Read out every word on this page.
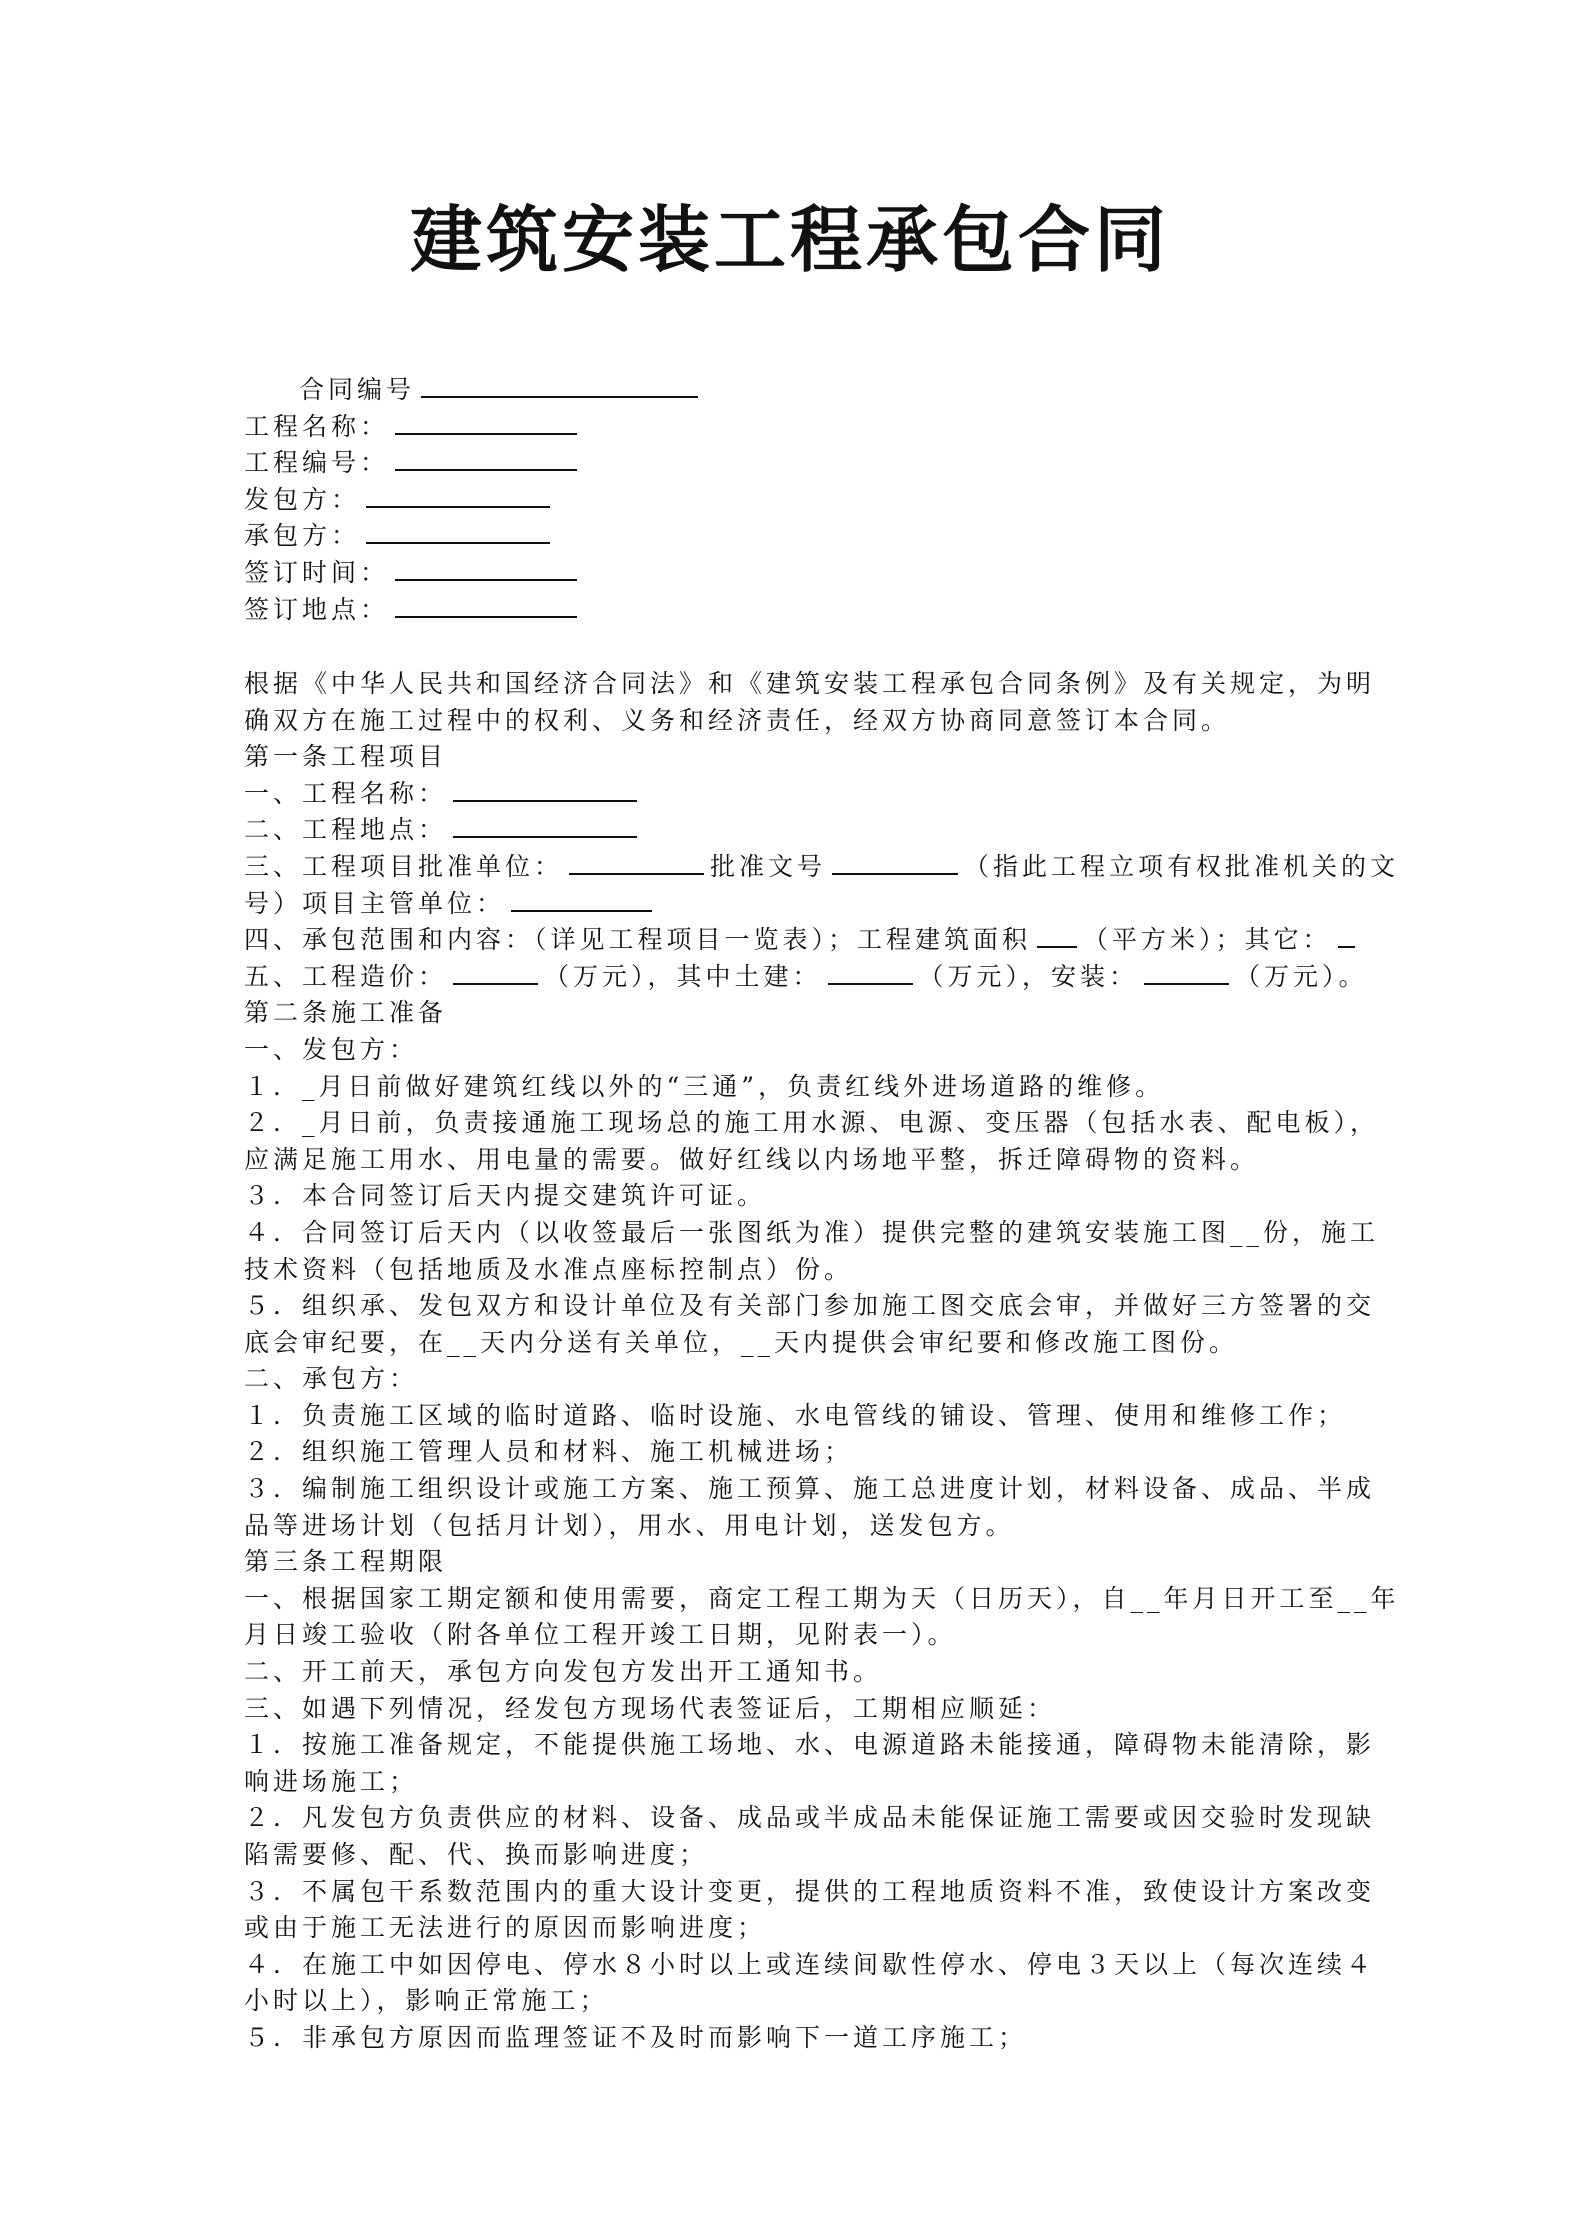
建筑安装工程承包合同
合同编号
工程名称：
工程编号：
发包方：
承包方：
签订时间：
签订地点：
根据《中华人民共和国经济合同法》和《建筑安装工程承包合同条例》及有关规定，为明
确双方在施工过程中的权利、义务和经济责任，经双方协商同意签订本合同。
第一条工程项目
一、工程名称：
二、工程地点：
三、工程项目批准单位：	批准文号	（指此工程立项有权批准机关的文
号）项目主管单位：
四、承包范围和内容：（详见工程项目一览表）；工程建筑面积 （平方米）；其它：
五、工程造价：	（万元），其中土建：	（万元），安装：	（万元）。
第二条施工准备
一、发包方：
１．_月日前做好建筑红线以外的“三通”，负责红线外进场道路的维修。
２．_月日前，负责接通施工现场总的施工用水源、电源、变压器（包括水表、配电板），
应满足施工用水、用电量的需要。做好红线以内场地平整，拆迁障碍物的资料。
３．本合同签订后天内提交建筑许可证。
４．合同签订后天内（以收签最后一张图纸为准）提供完整的建筑安装施工图__份，施工
技术资料（包括地质及水准点座标控制点）份。
５．组织承、发包双方和设计单位及有关部门参加施工图交底会审，并做好三方签署的交
底会审纪要，在__天内分送有关单位，__天内提供会审纪要和修改施工图份。
二、承包方：
１．负责施工区域的临时道路、临时设施、水电管线的铺设、管理、使用和维修工作；
２．组织施工管理人员和材料、施工机械进场；
３．编制施工组织设计或施工方案、施工预算、施工总进度计划，材料设备、成品、半成
品等进场计划（包括月计划），用水、用电计划，送发包方。
第三条工程期限
一、根据国家工期定额和使用需要，商定工程工期为天（日历天），自__年月日开工至__年
月日竣工验收（附各单位工程开竣工日期，见附表一）。
二、开工前天，承包方向发包方发出开工通知书。
三、如遇下列情况，经发包方现场代表签证后，工期相应顺延：
１．按施工准备规定，不能提供施工场地、水、电源道路未能接通，障碍物未能清除，影
响进场施工；
２．凡发包方负责供应的材料、设备、成品或半成品未能保证施工需要或因交验时发现缺
陷需要修、配、代、换而影响进度；
３．不属包干系数范围内的重大设计变更，提供的工程地质资料不准，致使设计方案改变
或由于施工无法进行的原因而影响进度；
４．在施工中如因停电、停水８小时以上或连续间歇性停水、停电３天以上（每次连续４
小时以上），影响正常施工；
５．非承包方原因而监理签证不及时而影响下一道工序施工；
